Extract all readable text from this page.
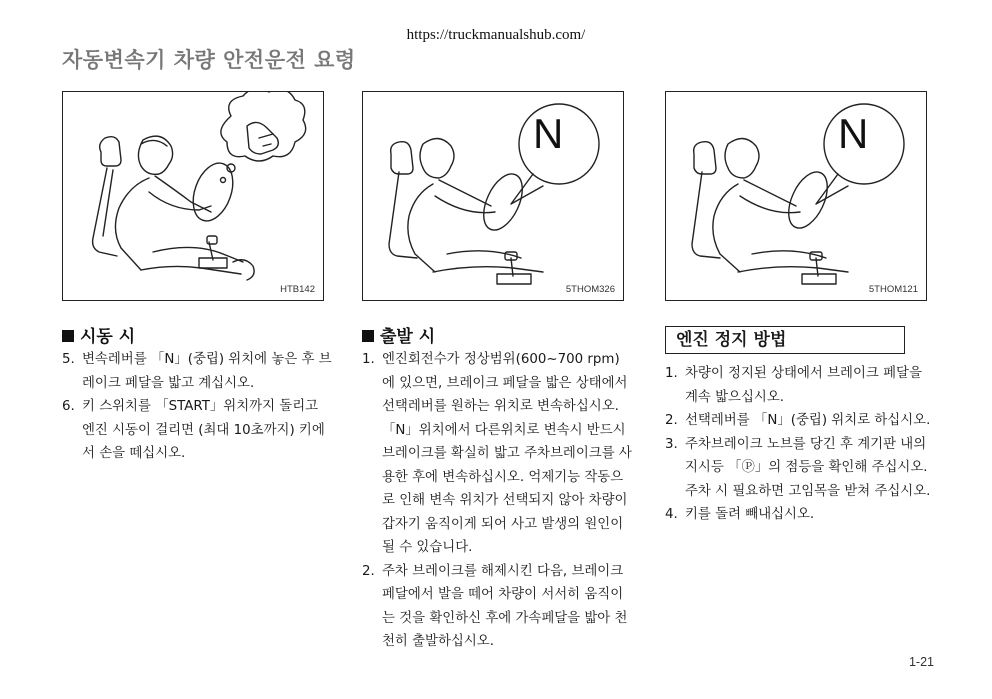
https://truckmanualshub.com/
자동변속기 차량 안전운전 요령
HTB142
N
5THOM326
N
5THOM121
시동 시
5. 변속레버를 「N」(중립) 위치에 놓은 후 브레이크 페달을 밟고 계십시오.
6. 키 스위치를 「START」위치까지 돌리고 엔진 시동이 걸리면 (최대 10초까지) 키에서 손을 떼십시오.
출발 시
1. 엔진회전수가 정상범위(600~700 rpm)에 있으면, 브레이크 페달을 밟은 상태에서 선택레버를 원하는 위치로 변속하십시오.
「N」위치에서 다른위치로 변속시 반드시 브레이크를 확실히 밟고 주차브레이크를 사용한 후에 변속하십시오. 억제기능 작동으로 인해 변속 위치가 선택되지 않아 차량이 갑자기 움직이게 되어 사고 발생의 원인이 될 수 있습니다.
2. 주차 브레이크를 해제시킨 다음, 브레이크 페달에서 발을 떼어 차량이 서서히 움직이는 것을 확인하신 후에 가속페달을 밟아 천천히 출발하십시오.
엔진 정지 방법
1. 차량이 정지된 상태에서 브레이크 페달을 계속 밟으십시오.
2. 선택레버를 「N」(중립) 위치로 하십시오.
3. 주차브레이크 노브를 당긴 후 계기판 내의 지시등 「Ⓟ」의 점등을 확인해 주십시오. 주차 시 필요하면 고임목을 받쳐 주십시오.
4. 키를 돌려 빼내십시오.
1-21
